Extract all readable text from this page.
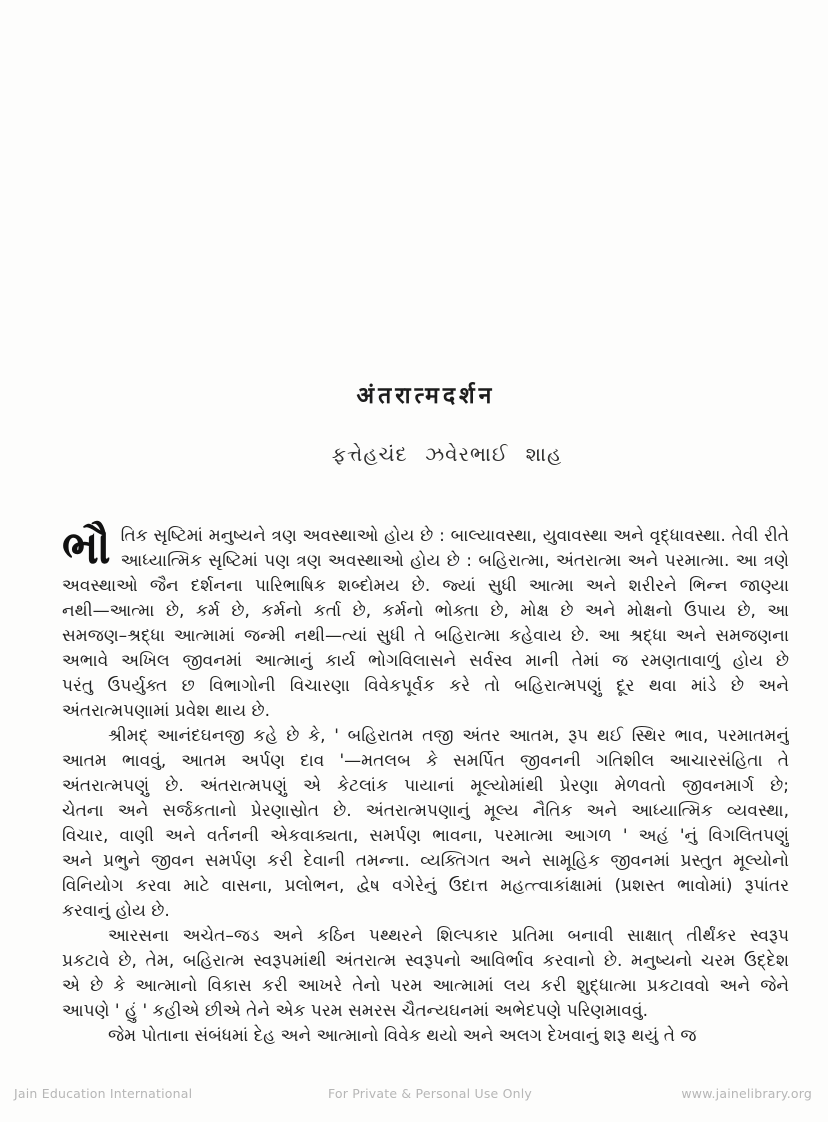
अंतरात्मदर्शन
ફત્તેહચંદ ઝવેરભાઈ શાહ
ભૌ તિક સૃષ્ટિમાં મનુષ્યને ત્રણ અવસ્થાઓ હોય છે : બાલ્યાવસ્થા, યુવાવસ્થા અને વૃદ્ધાવસ્થા. તેવી રીતે
આધ્યાત્મિક સૃષ્ટિમાં પણ ત્રણ અવસ્થાઓ હોય છે : બહિરાત્મા, અંતરાત્મા અને પરમાત્મા. આ ત્રણે
અવસ્થાઓ જૈન દર્શનના પારિભાષિક શબ્દોમય છે. જ્યાં સુધી આત્મા અને શરીરને ભિન્ન જાણ્યા
નથી—આત્મા છે, કર્મ છે, કર્મનો કર્તા છે, કર્મનો ભોક્તા છે, મોક્ષ છે અને મોક્ષનો ઉપાય છે, આ
સમજણ–શ્રદ્ધા આત્મામાં જન્મી નથી—ત્યાં સુધી તે બહિરાત્મા કહેવાય છે. આ શ્રદ્ધા અને સમજણના
અભાવે અખિલ જીવનમાં આત્માનું કાર્ય ભોગવિલાસને સર્વસ્વ માની તેમાં જ રમણતાવાળું હોય છે
પરંતુ ઉપર્યુક્ત છ વિભાગોની વિચારણા વિવેકપૂર્વક કરે તો બહિરાત્મપણું દૂર થવા માંડે છે અને
અંતરાત્મપણામાં પ્રવેશ થાય છે.
શ્રીમદ્ આનંદઘનજી કહે છે કે, ' બહિરાતમ તજી અંતર આતમ, રૂપ થઈ સ્થિર ભાવ, પરમાતમનું
આતમ ભાવવું, આતમ અર્પણ દાવ '—મતલબ કે સમર્પિત જીવનની ગતિશીલ આચારસંહિતા તે
અંતરાત્મપણું છે. અંતરાત્મપણું એ કેટલાંક પાયાનાં મૂલ્યોમાંથી પ્રેરણા મેળવતો જીવનમાર્ગ છે;
ચેતના અને સર્જકતાનો પ્રેરણાસ્રોત છે. અંતરાત્મપણાનું મૂલ્ય નૈતિક અને આધ્યાત્મિક વ્યવસ્થા,
વિચાર, વાણી અને વર્તનની એકવાક્યતા, સમર્પણ ભાવના, પરમાત્મા આગળ ' અહં 'નું વિગલિતપણું
અને પ્રભુને જીવન સમર્પણ કરી દેવાની તમન્ના. વ્યક્તિગત અને સામૂહિક જીવનમાં પ્રસ્તુત મૂલ્યોનો
વિનિયોગ કરવા માટે વાસના, પ્રલોભન, દ્વેષ વગેરેનું ઉદાત્ત મહત્ત્વાકાંક્ષામાં (પ્રશસ્ત ભાવોમાં) રૂપાંતર
કરવાનું હોય છે.
આરસના અચેત–જડ અને કઠિન પથ્થરને શિલ્પકાર પ્રતિમા બનાવી સાક્ષાત્ તીર્થંકર સ્વરૂપ
પ્રકટાવે છે, તેમ, બહિરાત્મ સ્વરૂપમાંથી અંતરાત્મ સ્વરૂપનો આવિર્ભાવ કરવાનો છે. મનુષ્યનો ચરમ ઉદ્દેશ
એ છે કે આત્માનો વિકાસ કરી આખરે તેનો પરમ આત્મામાં લય કરી શુદ્ધાત્મા પ્રકટાવવો અને જેને
આપણે ' હું ' કહીએ છીએ તેને એક પરમ સમરસ ચૈતન્યઘનમાં અભેદપણે પરિણમાવવું.
જેમ પોતાના સંબંધમાં દેહ અને આત્માનો વિવેક થયો અને અલગ દેખવાનું શરૂ થયું તે જ
Jain Education International	For Private & Personal Use Only	www.jainelibrary.org
